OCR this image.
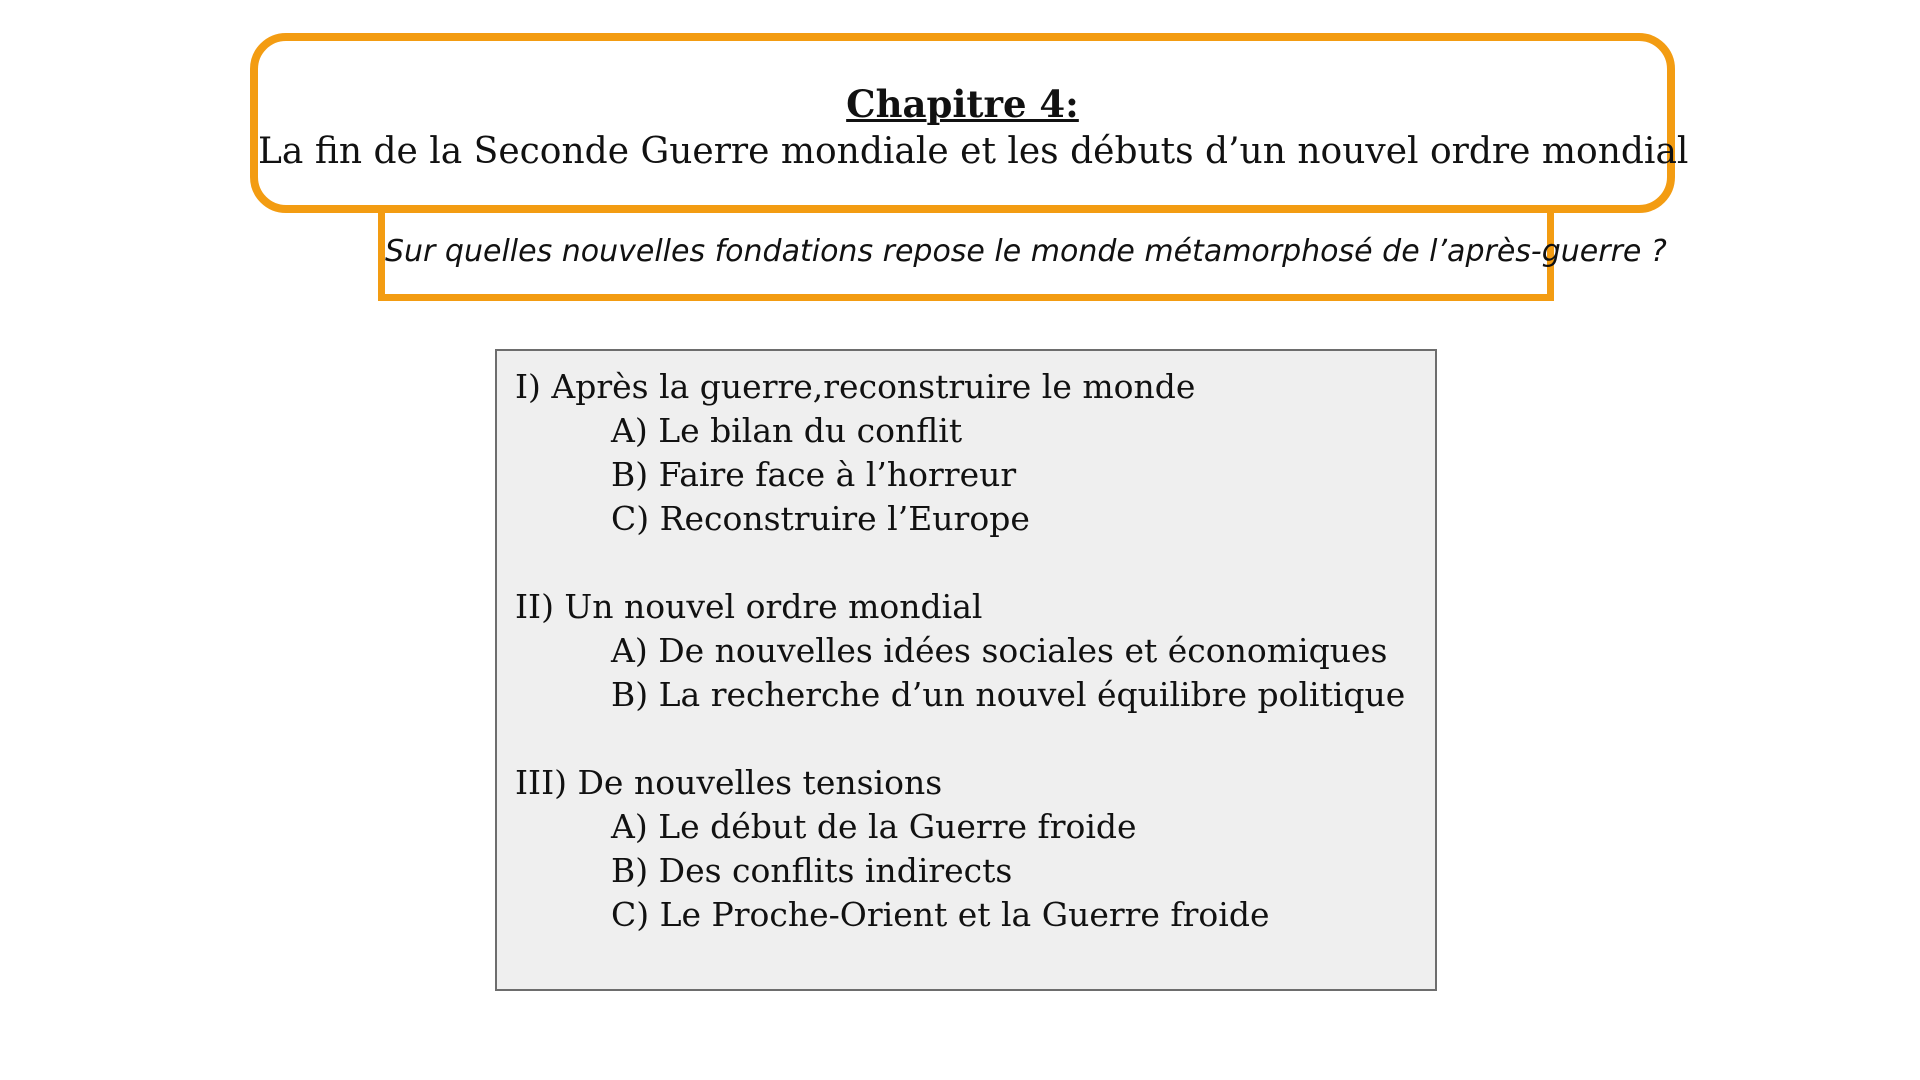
Chapitre 4:
La fin de la Seconde Guerre mondiale et les débuts d’un nouvel ordre mondial
Sur quelles nouvelles fondations repose le monde métamorphosé de l’après-guerre ?
I) Après la guerre,reconstruire le monde
A) Le bilan du conflit
B) Faire face à l’horreur
C) Reconstruire l’Europe
II) Un nouvel ordre mondial
A) De nouvelles idées sociales et économiques
B) La recherche d’un nouvel équilibre politique
III) De nouvelles tensions
A) Le début de la Guerre froide
B) Des conflits indirects
C) Le Proche-Orient et la Guerre froide
